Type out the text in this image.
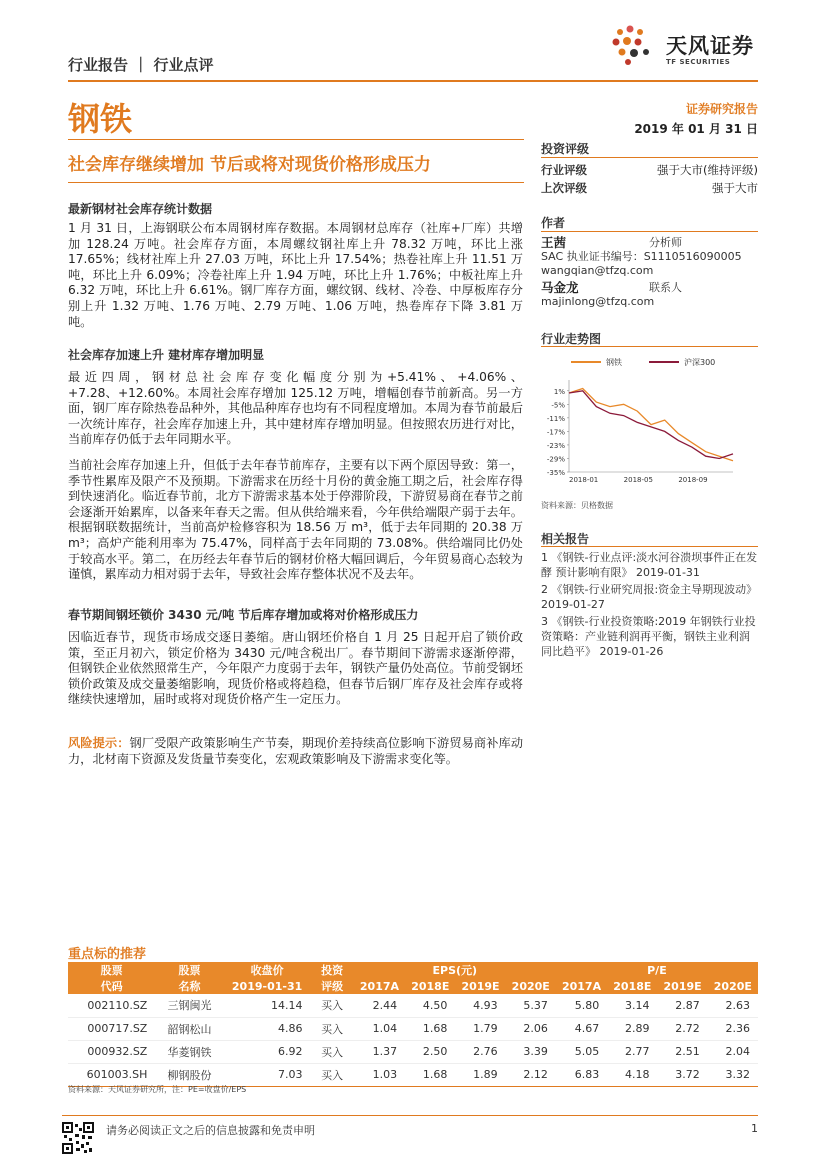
行业报告 ｜ 行业点评
天风证券
TF SECURITIES
钢铁	证券研究报告
2019 年 01 月 31 日
社会库存继续增加 节后或将对现货价格形成压力
最新钢材社会库存统计数据
1 月 31 日，上海钢联公布本周钢材库存数据。本周钢材总库存（社库+厂库）共增加 128.24 万吨。社会库存方面，本周螺纹钢社库上升 78.32 万吨，环比上涨 17.65%；线材社库上升 27.03 万吨，环比上升 17.54%；热卷社库上升 11.51 万吨，环比上升 6.09%；冷卷社库上升 1.94 万吨，环比上升 1.76%；中板社库上升 6.32 万吨，环比上升 6.61%。钢厂库存方面，螺纹钢、线材、冷卷、中厚板库存分别上升 1.32 万吨、1.76 万吨、2.79 万吨、1.06 万吨，热卷库存下降 3.81 万吨。
社会库存加速上升 建材库存增加明显
最近四周，钢材总社会库存变化幅度分别为+5.41%、+4.06%、+7.28、+12.60%。本周社会库存增加 125.12 万吨，增幅创春节前新高。另一方面，钢厂库存除热卷品种外，其他品种库存也均有不同程度增加。本周为春节前最后一次统计库存，社会库存加速上升，其中建材库存增加明显。但按照农历进行对比，当前库存仍低于去年同期水平。
当前社会库存加速上升，但低于去年春节前库存，主要有以下两个原因导致：第一，季节性累库及限产不及预期。下游需求在历经十月份的黄金施工期之后，社会库存得到快速消化。临近春节前，北方下游需求基本处于停滞阶段，下游贸易商在春节之前会逐渐开始累库，以备来年春天之需。但从供给端来看，今年供给端限产弱于去年。根据钢联数据统计，当前高炉检修容积为 18.56 万 m³，低于去年同期的 20.38 万 m³；高炉产能利用率为 75.47%，同样高于去年同期的 73.08%。供给端同比仍处于较高水平。第二，在历经去年春节后的钢材价格大幅回调后，今年贸易商心态较为谨慎，累库动力相对弱于去年，导致社会库存整体状况不及去年。
春节期间钢坯锁价 3430 元/吨 节后库存增加或将对价格形成压力
因临近春节，现货市场成交逐日萎缩。唐山钢坯价格自 1 月 25 日起开启了锁价政策，至正月初六，锁定价格为 3430 元/吨含税出厂。春节期间下游需求逐渐停滞，但钢铁企业依然照常生产，今年限产力度弱于去年，钢铁产量仍处高位。节前受钢坯锁价政策及成交量萎缩影响，现货价格或将趋稳，但春节后钢厂库存及社会库存或将继续快速增加，届时或将对现货价格产生一定压力。
风险提示：钢厂受限产政策影响生产节奏，期现价差持续高位影响下游贸易商补库动力，北材南下资源及发货量节奏变化，宏观政策影响及下游需求变化等。
投资评级
行业评级	强于大市(维持评级)
上次评级	强于大市
作者
王茜	分析师
SAC 执业证书编号：S1110516090005
wangqian@tfzq.com
马金龙	联系人
majinlong@tfzq.com
行业走势图
钢铁	沪深300
1%
-5%
-11%
-17%
-23%
-29%
-35%
2018-01	2018-05	2018-09
资料来源：贝格数据
相关报告
1 《钢铁-行业点评:淡水河谷溃坝事件正在发酵 预计影响有限》 2019-01-31
2 《钢铁-行业研究周报:资金主导期现波动》 2019-01-27
3 《钢铁-行业投资策略:2019 年钢铁行业投资策略：产业链利润再平衡，钢铁主业利润同比趋平》 2019-01-26
重点标的推荐
股票	股票	收盘价	投资	EPS(元)				P/E			
代码	名称	2019-01-31	评级	2017A	2018E	2019E	2020E	2017A	2018E	2019E	2020E
002110.SZ	三钢闽光	14.14	买入	2.44	4.50	4.93	5.37	5.80	3.14	2.87	2.63
000717.SZ	韶钢松山	4.86	买入	1.04	1.68	1.79	2.06	4.67	2.89	2.72	2.36
000932.SZ	华菱钢铁	6.92	买入	1.37	2.50	2.76	3.39	5.05	2.77	2.51	2.04
601003.SH	柳钢股份	7.03	买入	1.03	1.68	1.89	2.12	6.83	4.18	3.72	3.32
资料来源：天风证券研究所，注：PE=收盘价/EPS
请务必阅读正文之后的信息披露和免责申明	1
